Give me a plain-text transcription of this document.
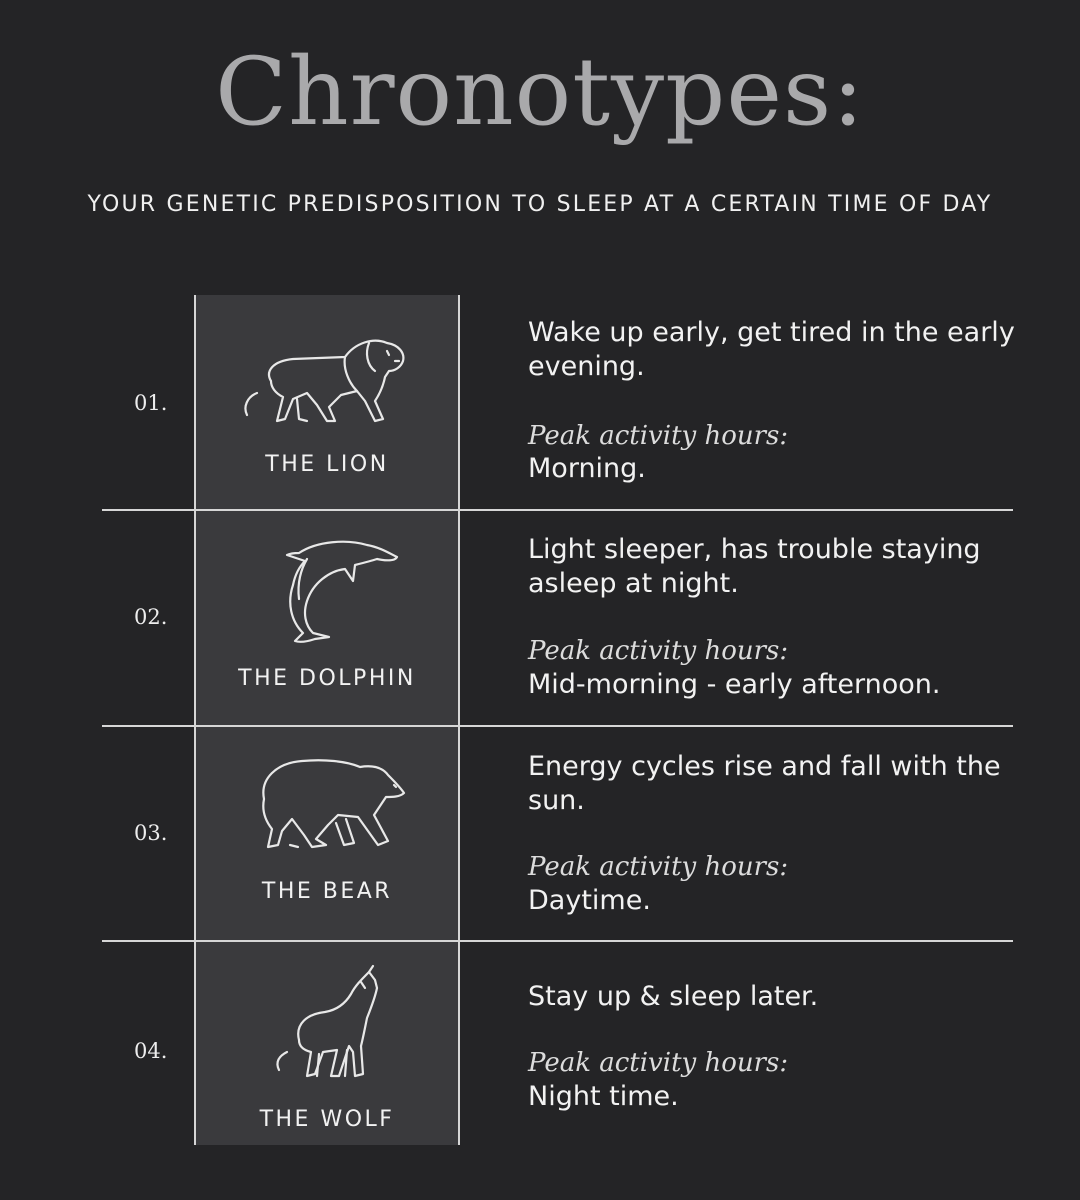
Chronotypes:
YOUR GENETIC PREDISPOSITION TO SLEEP AT A CERTAIN TIME OF DAY
01.
THE LION
Wake up early, get tired in the early evening.
Peak activity hours:
Morning.
02.
THE DOLPHIN
Light sleeper, has trouble staying asleep at night.
Peak activity hours:
Mid-morning - early afternoon.
03.
THE BEAR
Energy cycles rise and fall with the sun.
Peak activity hours:
Daytime.
04.
THE WOLF
Stay up & sleep later.
Peak activity hours:
Night time.
